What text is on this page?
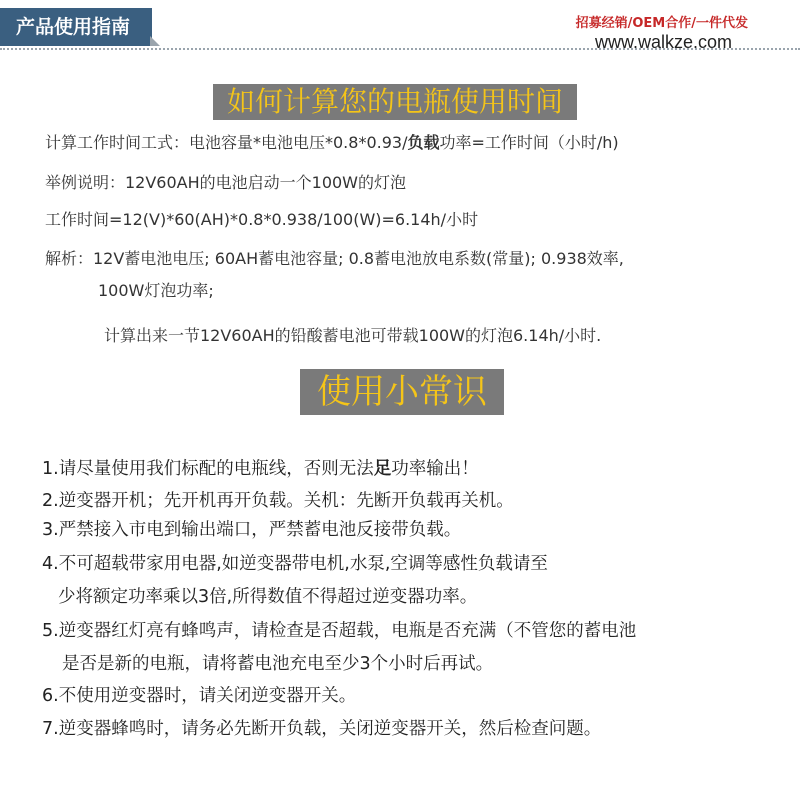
产品使用指南	招募经销/OEM合作/一件代发
www.walkze.com
如何计算您的电瓶使用时间
计算工作时间工式：电池容量*电池电压*0.8*0.93/负载功率=工作时间（小时/h)
举例说明：12V60AH的电池启动一个100W的灯泡
工作时间=12(V)*60(AH)*0.8*0.938/100(W)=6.14h/小时
解析：12V蓄电池电压; 60AH蓄电池容量; 0.8蓄电池放电系数(常量); 0.938效率,
100W灯泡功率;
计算出来一节12V60AH的铅酸蓄电池可带载100W的灯泡6.14h/小时.
使用小常识
1.请尽量使用我们标配的电瓶线，否则无法足功率输出！
2.逆变器开机；先开机再开负载。关机：先断开负载再关机。
3.严禁接入市电到输出端口，严禁蓄电池反接带负载。
4.不可超载带家用电器,如逆变器带电机,水泵,空调等感性负载请至
少将额定功率乘以3倍,所得数值不得超过逆变器功率。
5.逆变器红灯亮有蜂鸣声，请检查是否超载，电瓶是否充满（不管您的蓄电池
是否是新的电瓶，请将蓄电池充电至少3个小时后再试。
6.不使用逆变器时，请关闭逆变器开关。
7.逆变器蜂鸣时，请务必先断开负载，关闭逆变器开关，然后检查问题。
